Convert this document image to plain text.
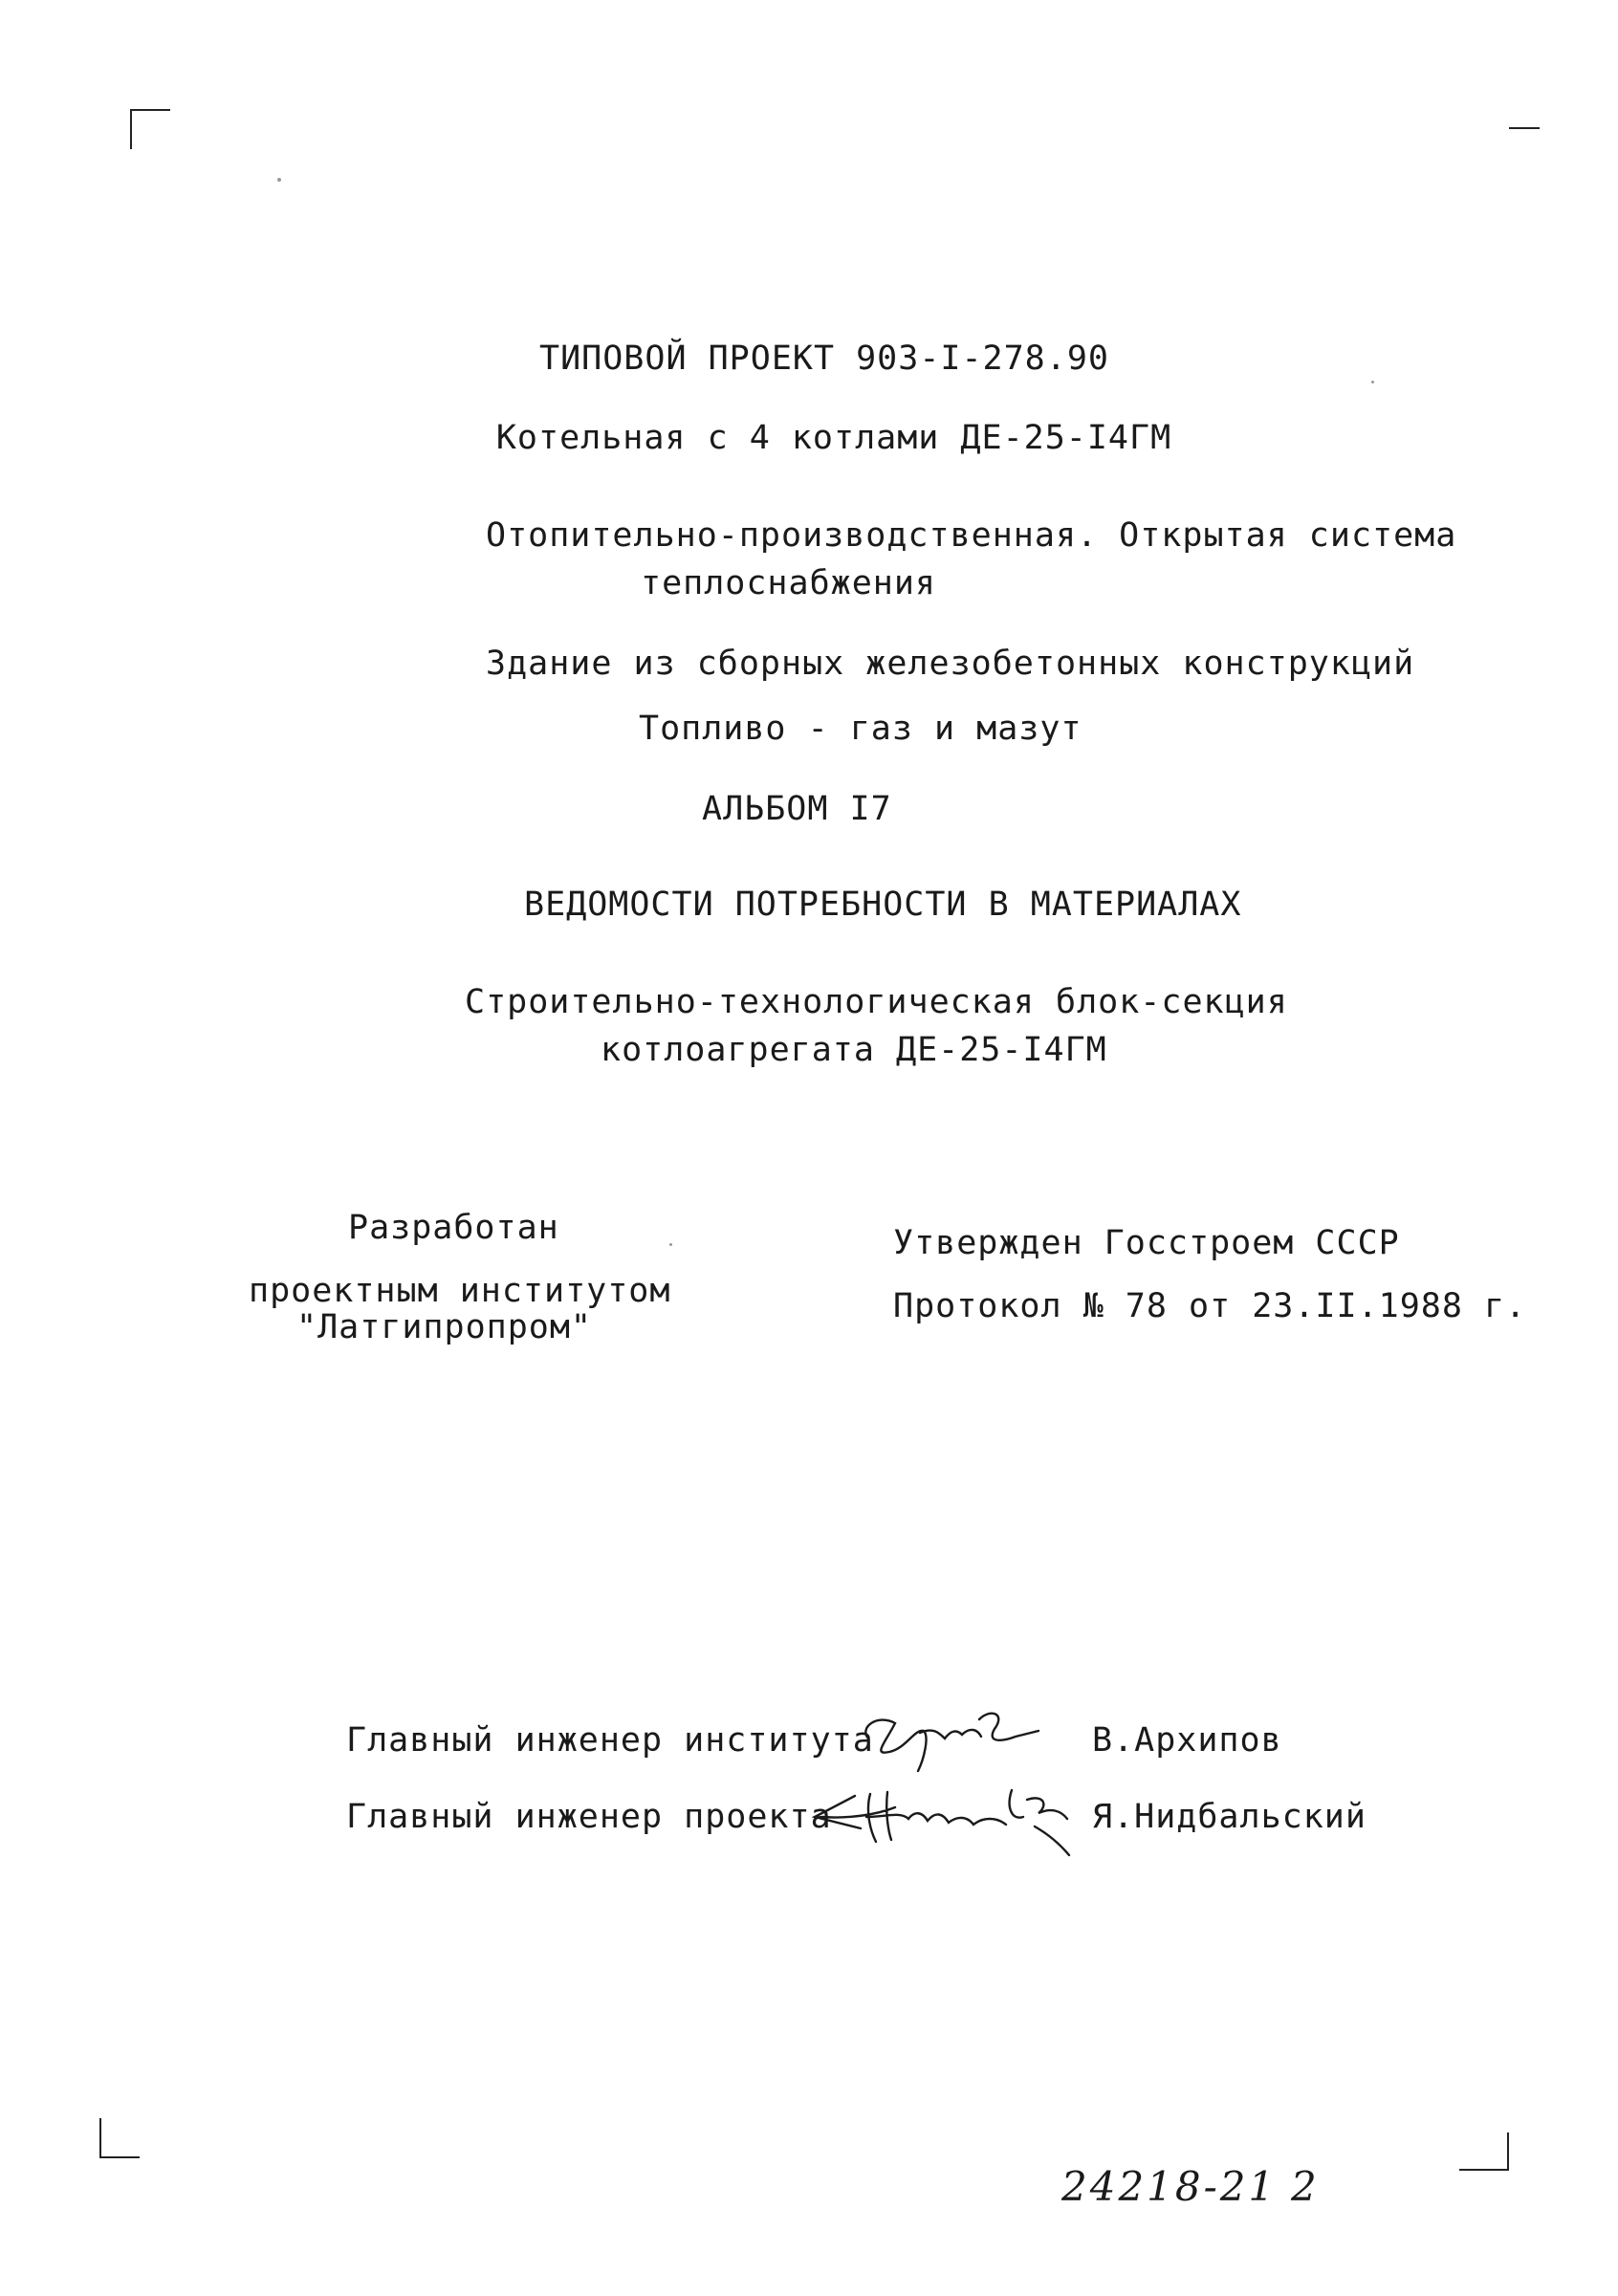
ТИПОВОЙ ПРОЕКТ 903-I-278.90
Котельная с 4 котлами ДЕ-25-I4ГМ
Отопительно-производственная. Открытая система
теплоснабжения
Здание из сборных железобетонных конструкций
Топливо - газ и мазут
АЛЬБОМ I7
ВЕДОМОСТИ ПОТРЕБНОСТИ В МАТЕРИАЛАХ
Строительно-технологическая блок-секция
котлоагрегата ДЕ-25-I4ГМ
Разработан
проектным институтом
"Латгипропром"
Утвержден Госстроем СССР
Протокол № 78 от 23.II.1988 г.
Главный инженер института	В.Архипов
Главный инженер проекта	Я.Нидбальский
24218-21 2
